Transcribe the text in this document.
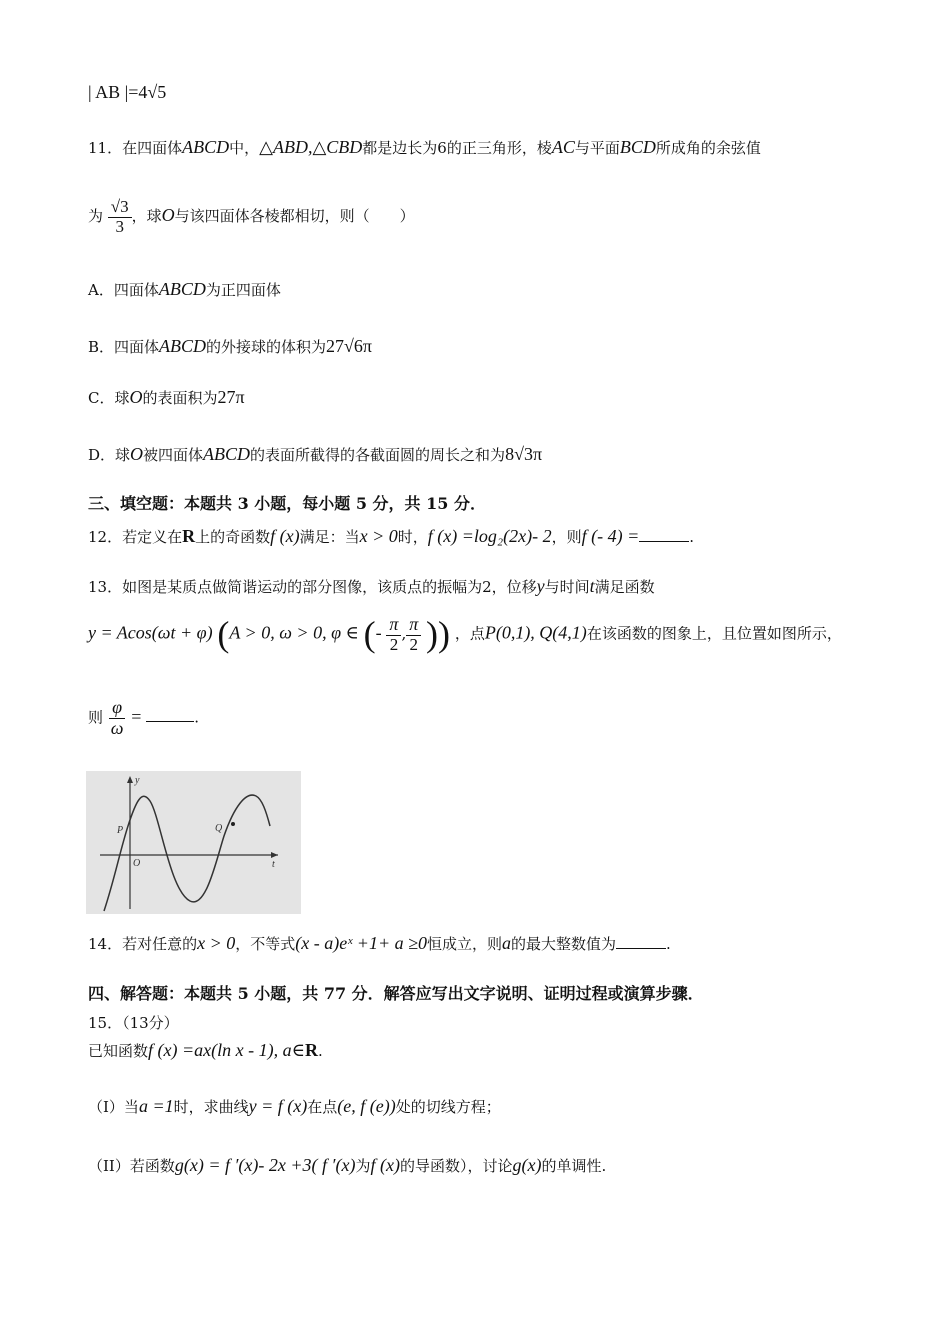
| AB |=4√5
11．在四面体ABCD中，△ABD,△CBD都是边长为6的正三角形，棱AC与平面BCD所成角的余弦值
为 $\frac{√3}{3}$ ，球O与该四面体各棱都相切，则（　　）
A．四面体ABCD为正四面体
B．四面体ABCD的外接球的体积为27√6π
C．球O的表面积为27π
D．球O被四面体ABCD的表面所截得的各截面圆的周长之和为8√3π
三、填空题：本题共 3 小题，每小题 5 分，共 15 分．
12．若定义在R上的奇函数f (x)满足：当x > 0时，f (x) =log₂(2x)‑ 2，则f (‑ 4) =	.
13．如图是某质点做简谐运动的部分图像，该质点的振幅为2，位移y与时间t满足函数
y = Acos(ωt + φ) (A > 0, ω > 0, φ ∈ (‑ $\frac{\pi}{2}$ , $\frac{\pi}{2}$ )) ，点P(0,1), Q(4,1)在该函数的图象上，且位置如图所示，
则 $\frac{\varphi}{\omega}$ =	.
y
t
O
P	Q
14．若对任意的x > 0，不等式(x ‑ a)eˣ +1+ a ≥0恒成立，则a的最大整数值为	.
四、解答题：本题共 5 小题，共 77 分．解答应写出文字说明、证明过程或演算步骤．
15．（13分）
已知函数f (x) =ax(ln x ‑ 1), a∈R.
（I）当a =1时，求曲线y = f (x)在点(e, f (e))处的切线方程；
（II）若函数g(x) = f ′(x)‑ 2x +3( f ′(x)为f (x)的导函数），讨论g(x)的单调性.
